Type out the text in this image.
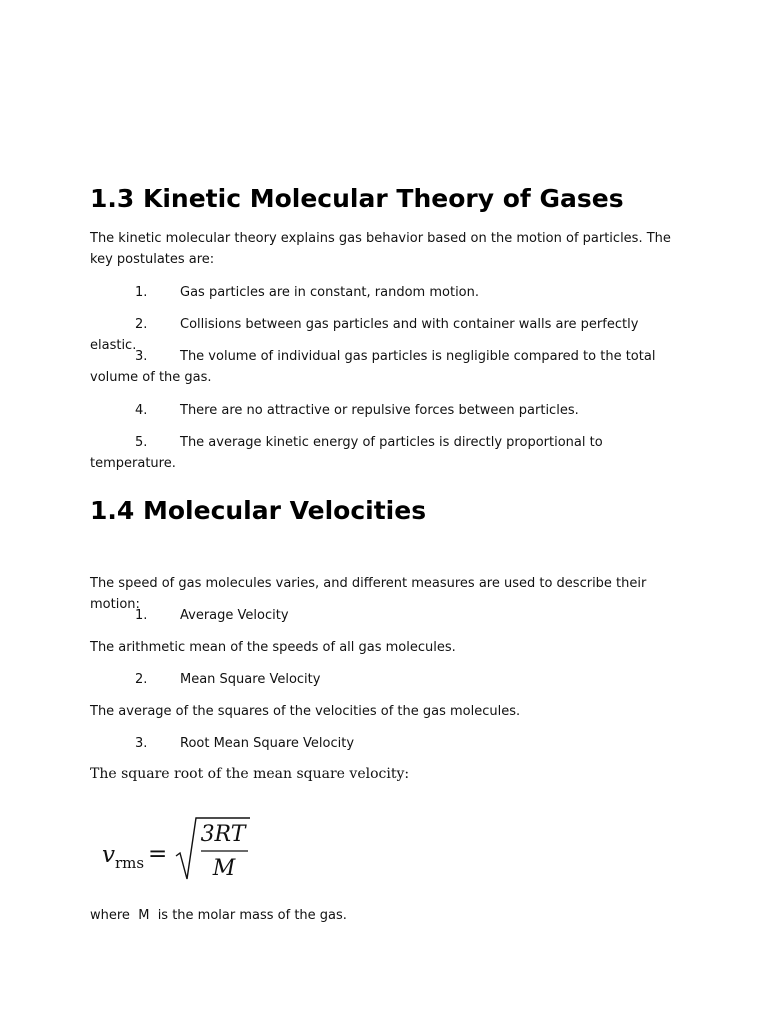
1.3 Kinetic Molecular Theory of Gases

The kinetic molecular theory explains gas behavior based on the motion of particles. The key postulates are:

1.	Gas particles are in constant, random motion.

2.	Collisions between gas particles and with container walls are perfectly elastic.

3.	The volume of individual gas particles is negligible compared to the total volume of the gas.

4.	There are no attractive or repulsive forces between particles.

5.	The average kinetic energy of particles is directly proportional to temperature.

1.4 Molecular Velocities

The speed of gas molecules varies, and different measures are used to describe their motion:

1.	Average Velocity

The arithmetic mean of the speeds of all gas molecules.

2.	Mean Square Velocity

The average of the squares of the velocities of the gas molecules.

3.	Root Mean Square Velocity

The square root of the mean square velocity:

v rms =
3RT
M

where  M  is the molar mass of the gas.
